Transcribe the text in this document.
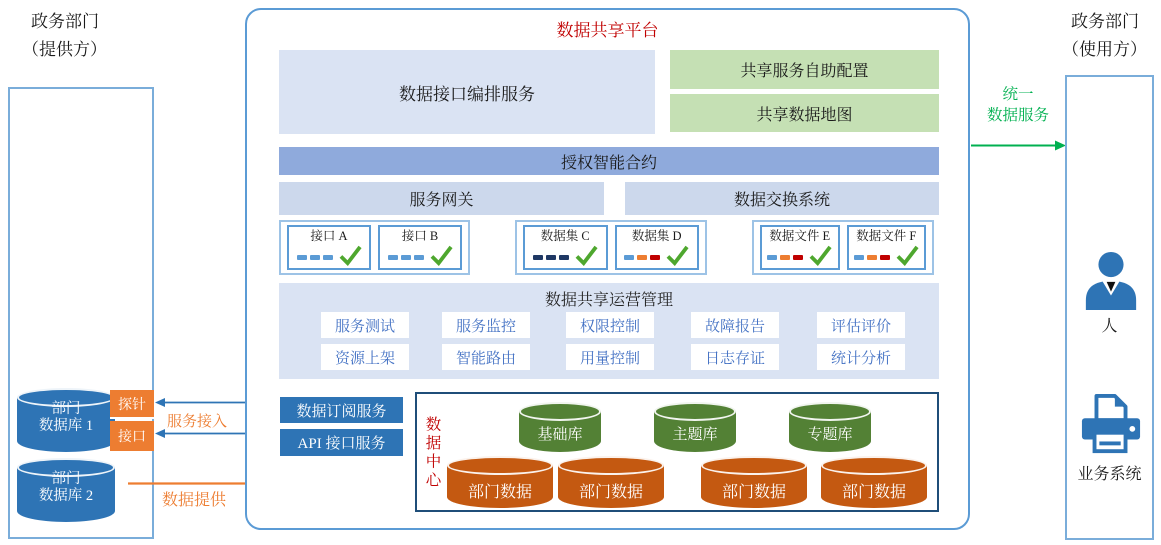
政务部门
（提供方）
部门
数据库 1
探针
接口
部门
数据库 2
服务接入
数据提供
数据共享平台
数据接口编排服务
共享服务自助配置
共享数据地图
授权智能合约
服务网关	数据交换系统
接口 A	接口 B	数据集 C	数据集 D	数据文件 E 数据文件 F
数据共享运营管理
服务测试	服务监控	权限控制	故障报告	评估评价
资源上架	智能路由	用量控制	日志存证	统计分析
数据订阅服务
API 接口服务	数据中心	基础库	主题库	专题库
部门数据	部门数据	部门数据	部门数据
统一
数据服务
政务部门
（使用方）
人
业务系统
